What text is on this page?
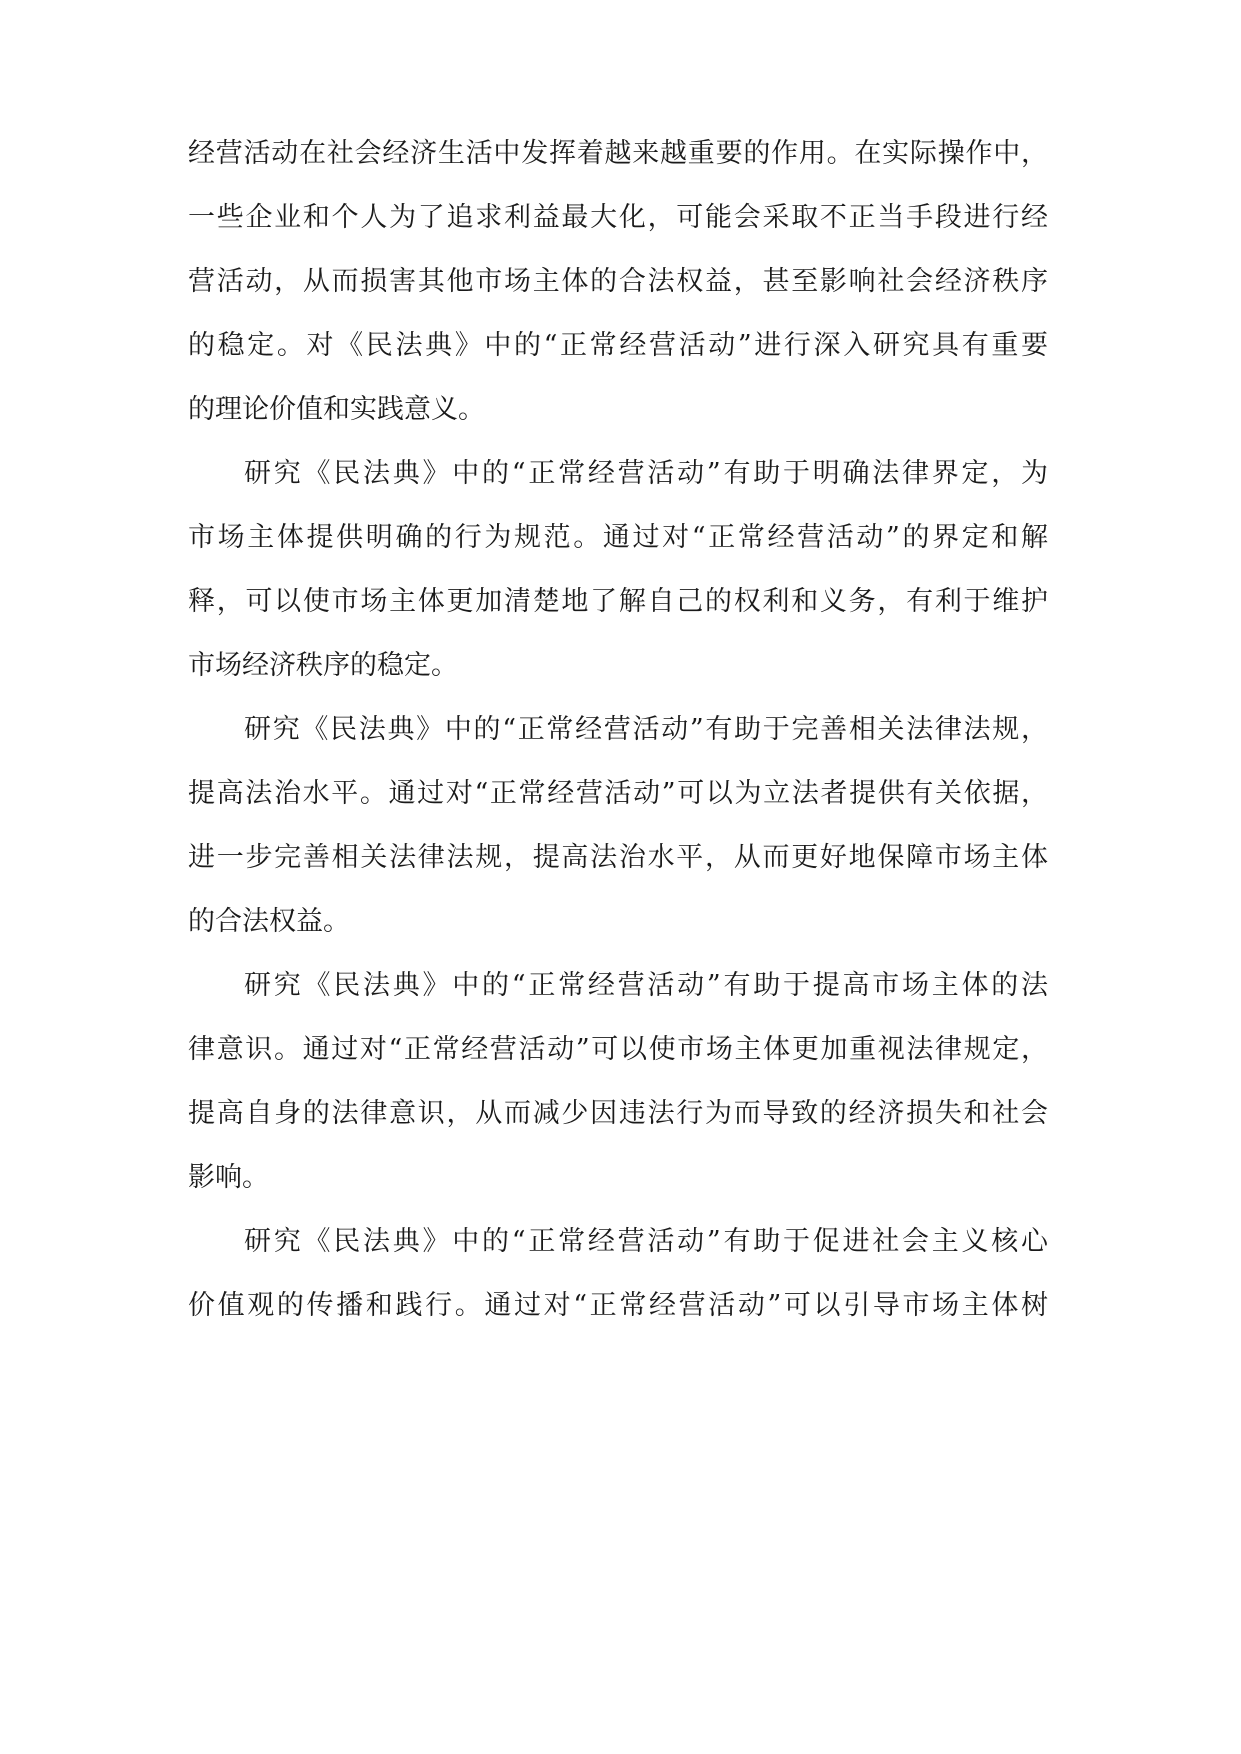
经营活动在社会经济生活中发挥着越来越重要的作用。在实际操作中，
一些企业和个人为了追求利益最大化，可能会采取不正当手段进行经
营活动，从而损害其他市场主体的合法权益，甚至影响社会经济秩序
的稳定。对《民法典》中的“正常经营活动”进行深入研究具有重要
的理论价值和实践意义。
研究《民法典》中的“正常经营活动”有助于明确法律界定，为
市场主体提供明确的行为规范。通过对“正常经营活动”的界定和解
释，可以使市场主体更加清楚地了解自己的权利和义务，有利于维护
市场经济秩序的稳定。
研究《民法典》中的“正常经营活动”有助于完善相关法律法规，
提高法治水平。通过对“正常经营活动”可以为立法者提供有关依据，
进一步完善相关法律法规，提高法治水平，从而更好地保障市场主体
的合法权益。
研究《民法典》中的“正常经营活动”有助于提高市场主体的法
律意识。通过对“正常经营活动”可以使市场主体更加重视法律规定，
提高自身的法律意识，从而减少因违法行为而导致的经济损失和社会
影响。
研究《民法典》中的“正常经营活动”有助于促进社会主义核心
价值观的传播和践行。通过对“正常经营活动”可以引导市场主体树
